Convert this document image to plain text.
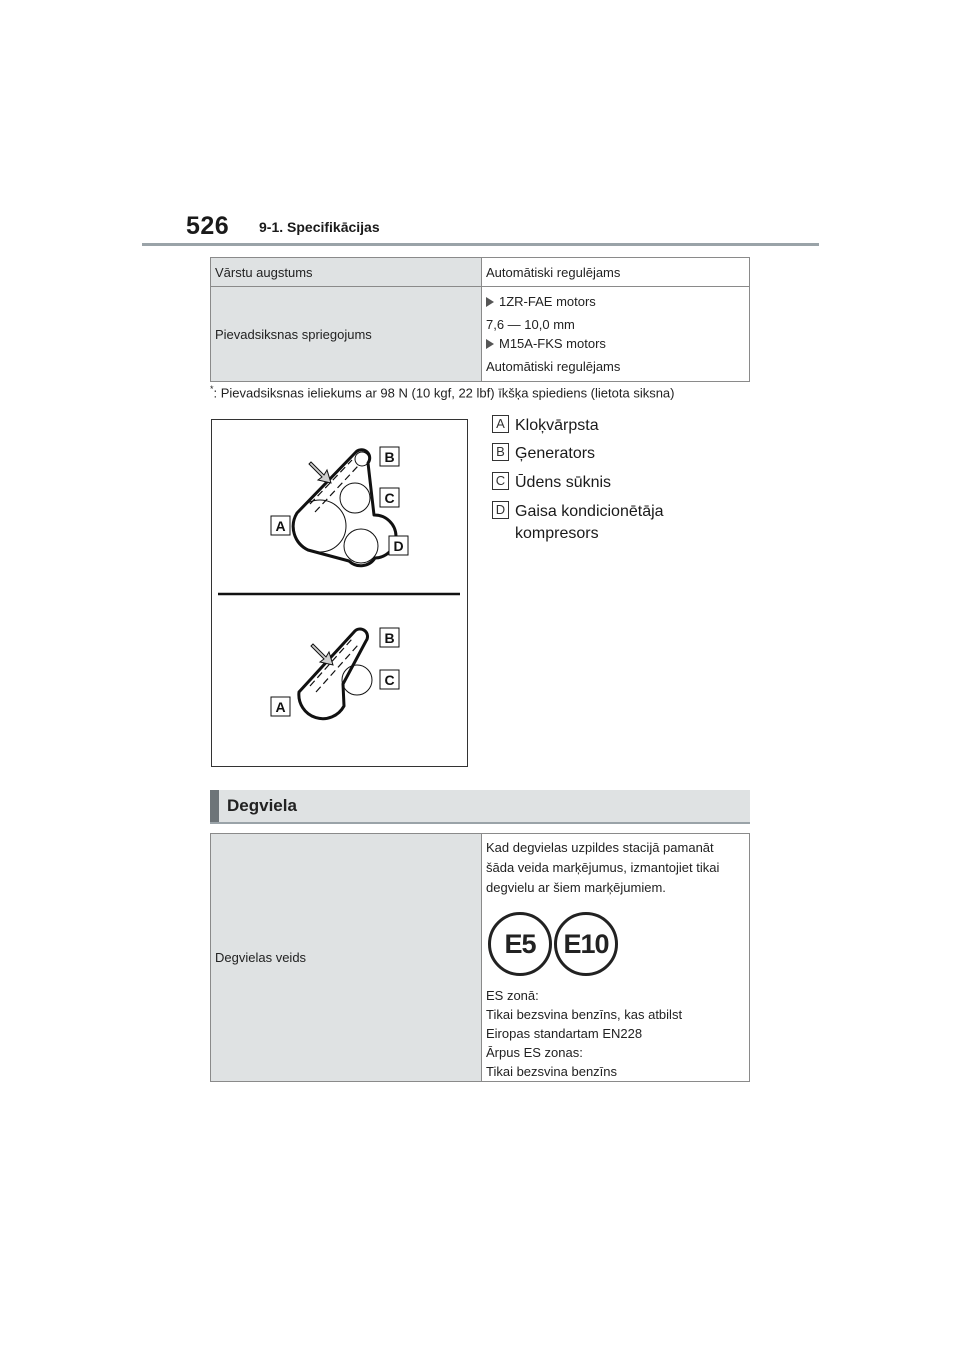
526 9-1. Specifikācijas
Vārstu augstums	Automātiski regulējams
Pievadsiksnas spriegojums	1ZR-FAE motors
7,6 — 10,0 mm
M15A-FKS motors
Automātiski regulējams
*: Pievadsiksnas ieliekums ar 98 N (10 kgf, 22 lbf) īkšķa spiediens (lietota siksna)
B
C
A
D
B
C
A
A Kloķvārpsta
B Ģenerators
C Ūdens sūknis
D Gaisa kondicionētāja
kompresors
Degviela
Degvielas veids	
Kad degvielas uzpildes stacijā pamanāt
šāda veida marķējumus, izmantojiet tikai
degvielu ar šiem marķējumiem.
E5 E10
ES zonā:
Tikai bezsvina benzīns, kas atbilst
Eiropas standartam EN228
Ārpus ES zonas:
Tikai bezsvina benzīns
